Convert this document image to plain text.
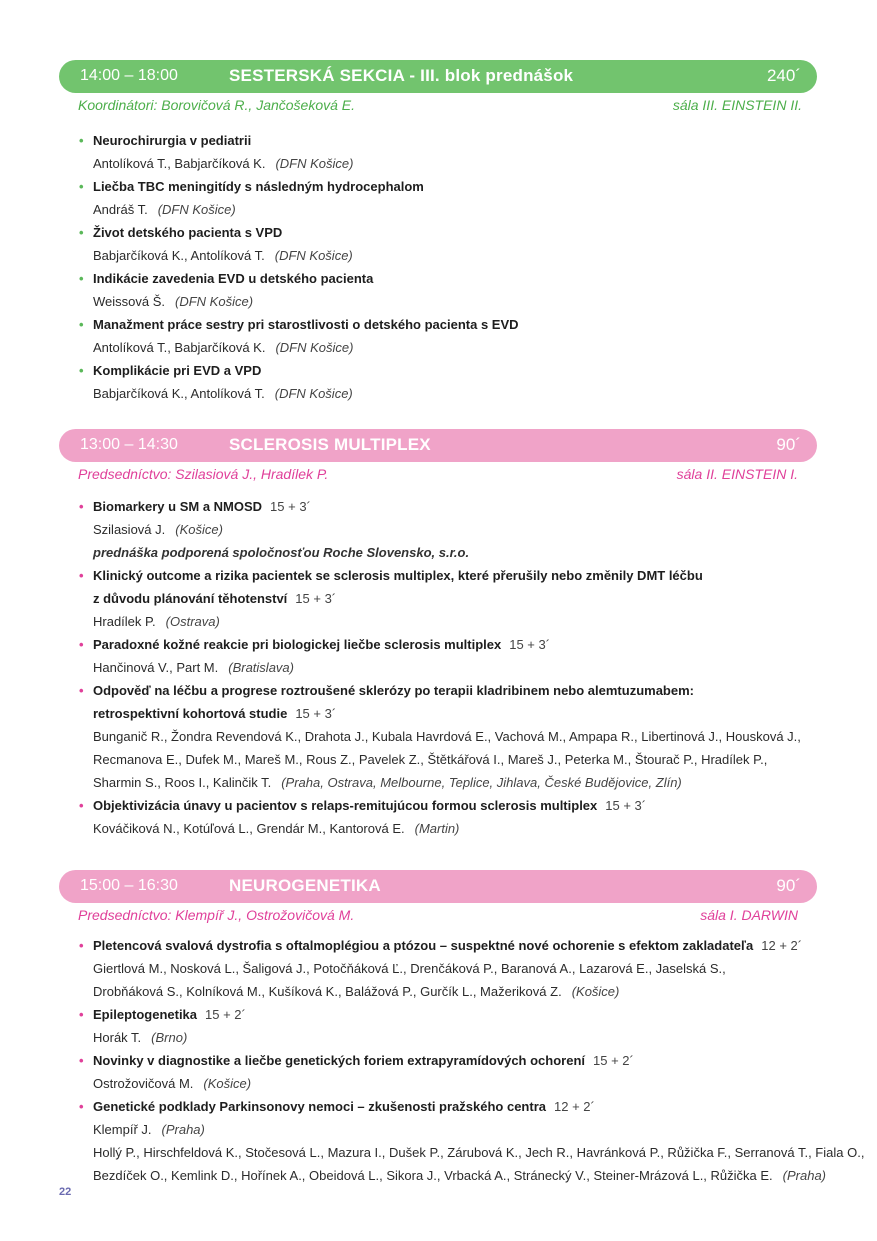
14:00 – 18:00	SESTERSKÁ SEKCIA - III. blok prednášok	240´
Koordinátori: Borovičová R., Jančošeková E.	sála III. EINSTEIN II.
• Neurochirurgia v pediatrii
Antolíková T., Babjarčíková K. (DFN Košice)
• Liečba TBC meningitídy s následným hydrocephalom
Andráš T. (DFN Košice)
• Život detského pacienta s VPD
Babjarčíková K., Antolíková T. (DFN Košice)
• Indikácie zavedenia EVD u detského pacienta
Weissová Š. (DFN Košice)
• Manažment práce sestry pri starostlivosti o detského pacienta s EVD
Antolíková T., Babjarčíková K. (DFN Košice)
• Komplikácie pri EVD a VPD
Babjarčíková K., Antolíková T. (DFN Košice)
13:00 – 14:30	SCLEROSIS MULTIPLEX	90´
Predsedníctvo: Szilasiová J., Hradílek P.	sála II. EINSTEIN I.
• Biomarkery u SM a NMOSD 15 + 3´
Szilasiová J. (Košice)
prednáška podporená spoločnosťou Roche Slovensko, s.r.o.
• Klinický outcome a rizika pacientek se sclerosis multiplex, které přerušily nebo změnily DMT léčbu
z důvodu plánování těhotenství 15 + 3´
Hradílek P. (Ostrava)
• Paradoxné kožné reakcie pri biologickej liečbe sclerosis multiplex 15 + 3´
Hančinová V., Part M. (Bratislava)
• Odpověď na léčbu a progrese roztroušené sklerózy po terapii kladribinem nebo alemtuzumabem:
retrospektivní kohortová studie 15 + 3´
Bunganič R., Žondra Revendová K., Drahota J., Kubala Havrdová E., Vachová M., Ampapa R., Libertinová J., Housková J.,
Recmanova E., Dufek M., Mareš M., Rous Z., Pavelek Z., Štětkářová I., Mareš J., Peterka M., Štourač P., Hradílek P.,
Sharmin S., Roos I., Kalinčik T. (Praha, Ostrava, Melbourne, Teplice, Jihlava, České Budějovice, Zlín)
• Objektivizácia únavy u pacientov s relaps-remitujúcou formou sclerosis multiplex 15 + 3´
Kováčiková N., Kotúľová L., Grendár M., Kantorová E. (Martin)
15:00 – 16:30	NEUROGENETIKA	90´
Predsedníctvo: Klempíř J., Ostrožovičová M.	sála I. DARWIN
• Pletencová svalová dystrofia s oftalmoplégiou a ptózou – suspektné nové ochorenie s efektom zakladateľa 12 + 2´
Giertlová M., Nosková L., Šaligová J., Potočňáková Ľ., Drenčáková P., Baranová A., Lazarová E., Jaselská S.,
Drobňáková S., Kolníková M., Kušíková K., Balážová P., Gurčík L., Mažeriková Z. (Košice)
• Epileptogenetika 15 + 2´
Horák T. (Brno)
• Novinky v diagnostike a liečbe genetických foriem extrapyramídových ochorení 15 + 2´
Ostrožovičová M. (Košice)
• Genetické podklady Parkinsonovy nemoci – zkušenosti pražského centra 12 + 2´
Klempíř J. (Praha)
Hollý P., Hirschfeldová K., Stočesová L., Mazura I., Dušek P., Zárubová K., Jech R., Havránková P., Růžička F., Serranová T., Fiala O.,
Bezdíček O., Kemlink D., Hořínek A., Obeidová L., Sikora J., Vrbacká A., Stránecký V., Steiner-Mrázová L., Růžička E. (Praha)
22
